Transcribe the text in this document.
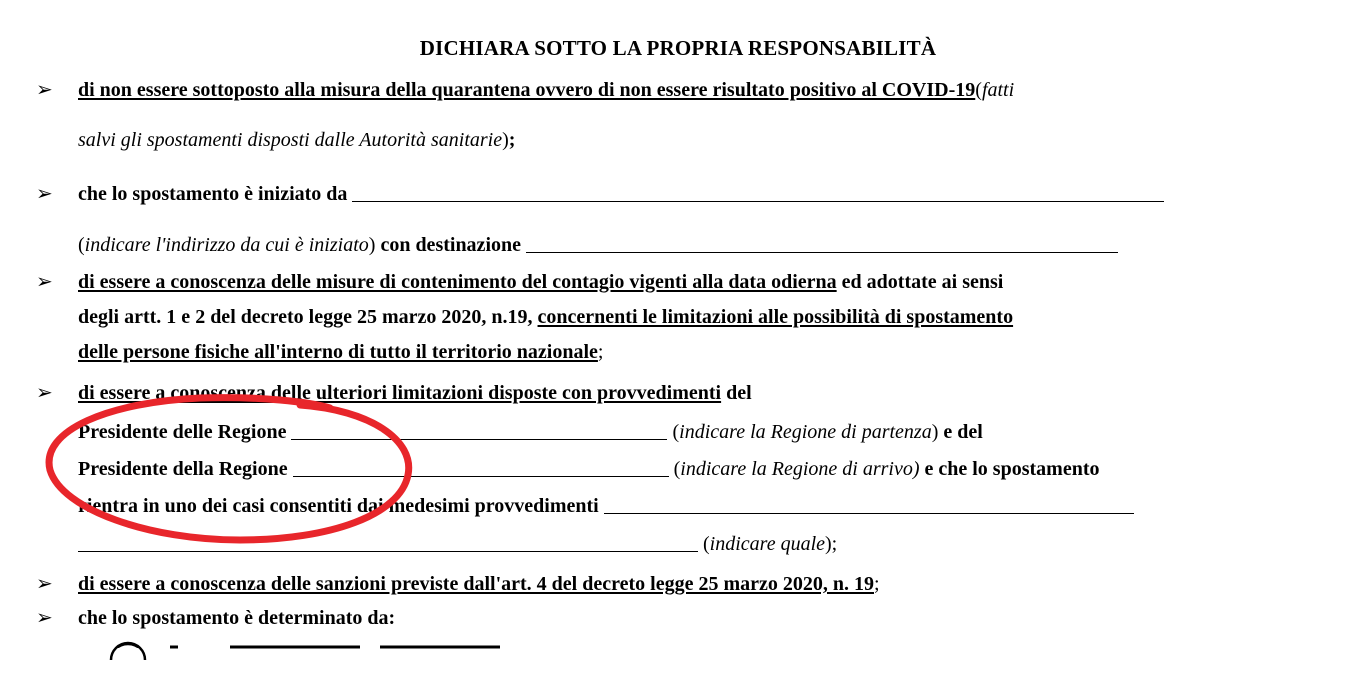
DICHIARA SOTTO LA PROPRIA RESPONSABILITÀ
➢ di non essere sottoposto alla misura della quarantena ovvero di non essere risultato positivo al COVID-19(fatti
salvi gli spostamenti disposti dalle Autorità sanitarie);
➢ che lo spostamento è iniziato da
(indicare l'indirizzo da cui è iniziato) con destinazione
➢ di essere a conoscenza delle misure di contenimento del contagio vigenti alla data odierna ed adottate ai sensi
degli artt. 1 e 2 del decreto legge 25 marzo 2020, n.19, concernenti le limitazioni alle possibilità di spostamento
delle persone fisiche all'interno di tutto il territorio nazionale;
➢ di essere a conoscenza delle ulteriori limitazioni disposte con provvedimenti del
Presidente delle Regione	(indicare la Regione di partenza) e del
Presidente della Regione	(indicare la Regione di arrivo) e che lo spostamento
rientra in uno dei casi consentiti dai medesimi provvedimenti
(indicare quale);
➢ di essere a conoscenza delle sanzioni previste dall'art. 4 del decreto legge 25 marzo 2020, n. 19;
➢ che lo spostamento è determinato da:
